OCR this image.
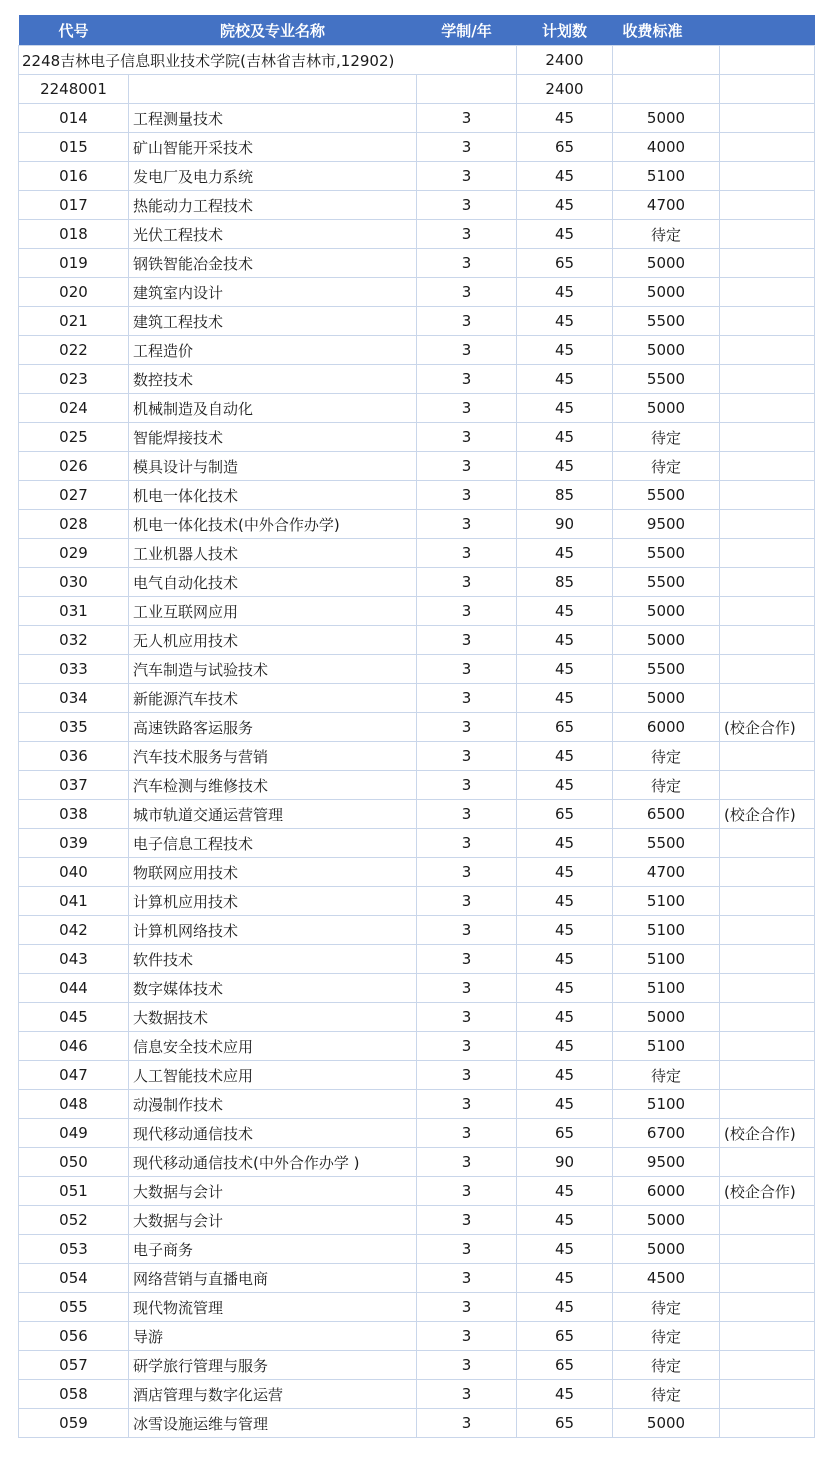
代号	院校及专业名称	学制/年	计划数	收费标准	
2248吉林电子信息职业技术学院(吉林省吉林市,12902)			2400		
2248001			2400		
014	工程测量技术	3	45	5000	
015	矿山智能开采技术	3	65	4000	
016	发电厂及电力系统	3	45	5100	
017	热能动力工程技术	3	45	4700	
018	光伏工程技术	3	45	待定	
019	钢铁智能冶金技术	3	65	5000	
020	建筑室内设计	3	45	5000	
021	建筑工程技术	3	45	5500	
022	工程造价	3	45	5000	
023	数控技术	3	45	5500	
024	机械制造及自动化	3	45	5000	
025	智能焊接技术	3	45	待定	
026	模具设计与制造	3	45	待定	
027	机电一体化技术	3	85	5500	
028	机电一体化技术(中外合作办学)	3	90	9500	
029	工业机器人技术	3	45	5500	
030	电气自动化技术	3	85	5500	
031	工业互联网应用	3	45	5000	
032	无人机应用技术	3	45	5000	
033	汽车制造与试验技术	3	45	5500	
034	新能源汽车技术	3	45	5000	
035	高速铁路客运服务	3	65	6000	(校企合作)
036	汽车技术服务与营销	3	45	待定	
037	汽车检测与维修技术	3	45	待定	
038	城市轨道交通运营管理	3	65	6500	(校企合作)
039	电子信息工程技术	3	45	5500	
040	物联网应用技术	3	45	4700	
041	计算机应用技术	3	45	5100	
042	计算机网络技术	3	45	5100	
043	软件技术	3	45	5100	
044	数字媒体技术	3	45	5100	
045	大数据技术	3	45	5000	
046	信息安全技术应用	3	45	5100	
047	人工智能技术应用	3	45	待定	
048	动漫制作技术	3	45	5100	
049	现代移动通信技术	3	65	6700	(校企合作)
050	现代移动通信技术(中外合作办学 )	3	90	9500	
051	大数据与会计	3	45	6000	(校企合作)
052	大数据与会计	3	45	5000	
053	电子商务	3	45	5000	
054	网络营销与直播电商	3	45	4500	
055	现代物流管理	3	45	待定	
056	导游	3	65	待定	
057	研学旅行管理与服务	3	65	待定	
058	酒店管理与数字化运营	3	45	待定	
059	冰雪设施运维与管理	3	65	5000	
